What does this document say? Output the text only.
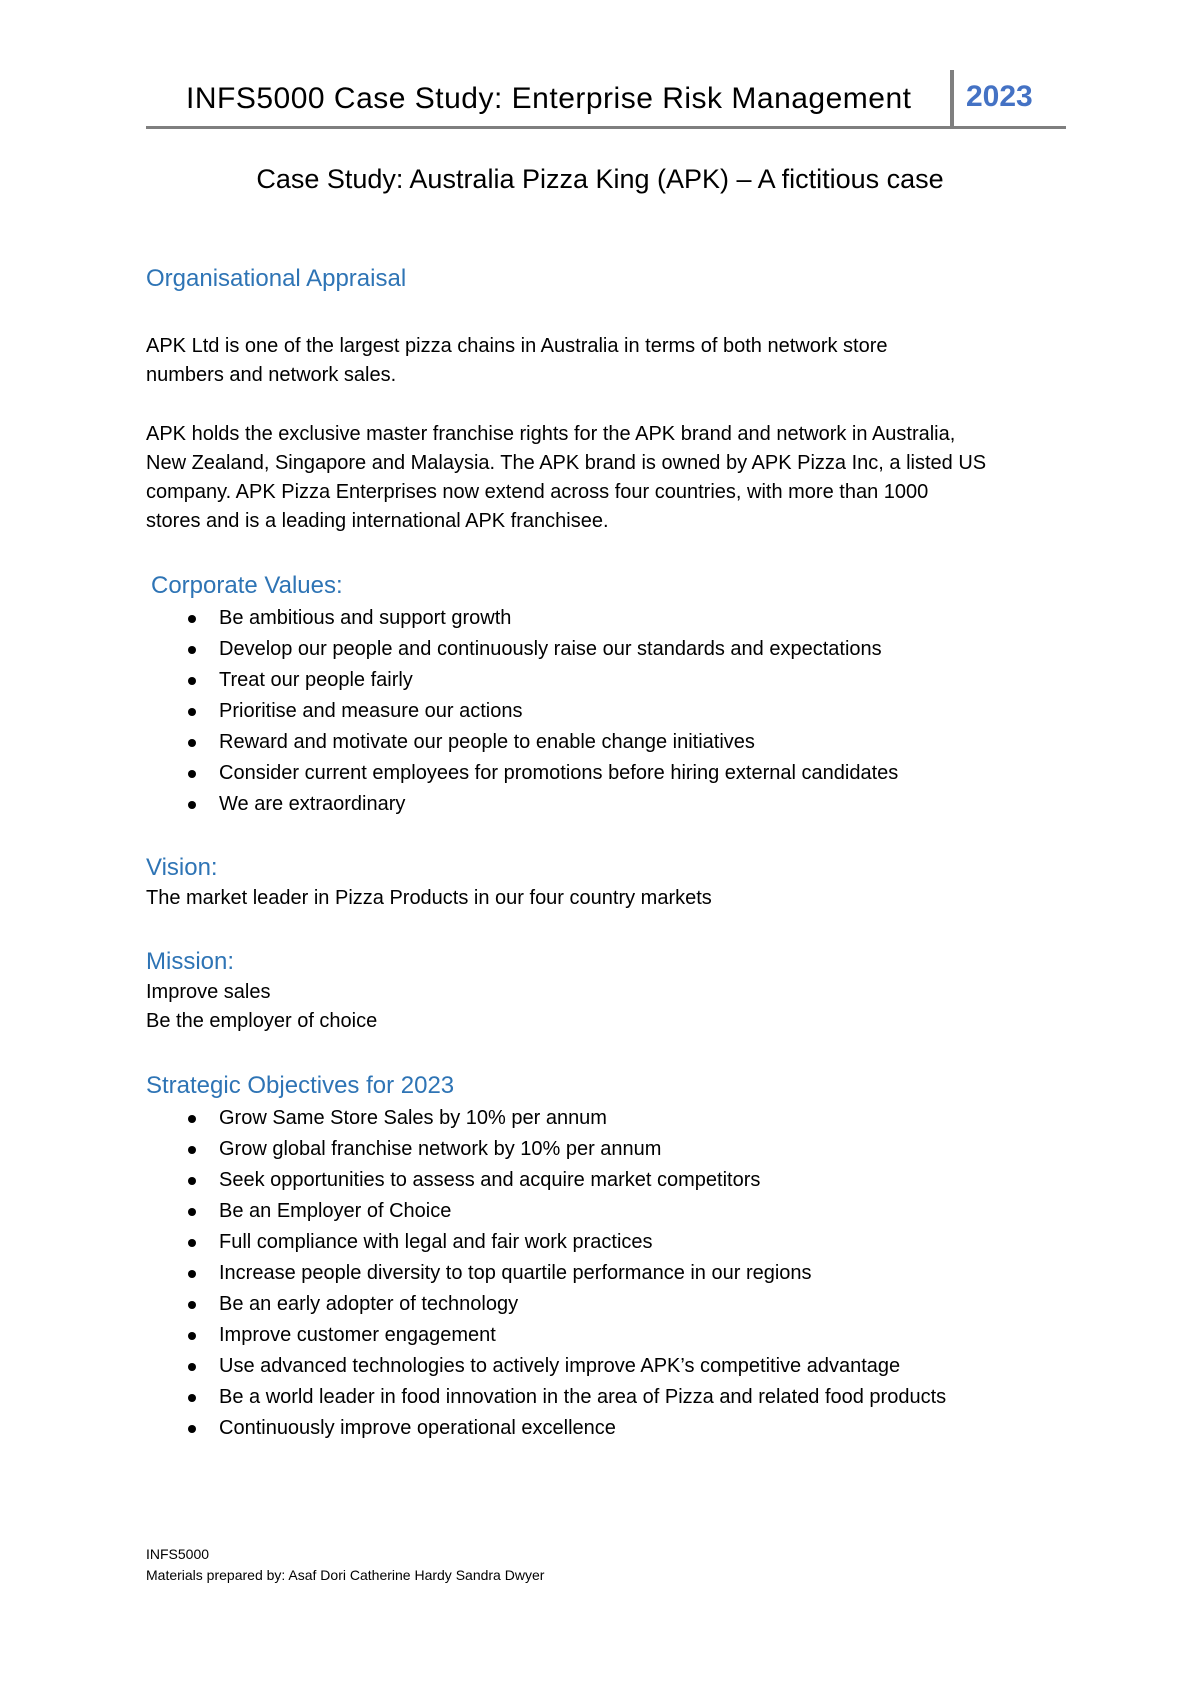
INFS5000 Case Study: Enterprise Risk Management 2023
Case Study: Australia Pizza King (APK) – A fictitious case
Organisational Appraisal

APK Ltd is one of the largest pizza chains in Australia in terms of both network store
numbers and network sales.

APK holds the exclusive master franchise rights for the APK brand and network in Australia,
New Zealand, Singapore and Malaysia. The APK brand is owned by APK Pizza Inc, a listed US
company. APK Pizza Enterprises now extend across four countries, with more than 1000
stores and is a leading international APK franchisee.

Corporate Values:
Be ambitious and support growth
Develop our people and continuously raise our standards and expectations
Treat our people fairly
Prioritise and measure our actions
Reward and motivate our people to enable change initiatives
Consider current employees for promotions before hiring external candidates
We are extraordinary
Vision:

The market leader in Pizza Products in our four country markets

Mission:

Improve sales
Be the employer of choice

Strategic Objectives for 2023
Grow Same Store Sales by 10% per annum
Grow global franchise network by 10% per annum
Seek opportunities to assess and acquire market competitors
Be an Employer of Choice
Full compliance with legal and fair work practices
Increase people diversity to top quartile performance in our regions
Be an early adopter of technology
Improve customer engagement
Use advanced technologies to actively improve APK’s competitive advantage
Be a world leader in food innovation in the area of Pizza and related food products
Continuously improve operational excellence
INFS5000
Materials prepared by: Asaf Dori Catherine Hardy Sandra Dwyer
